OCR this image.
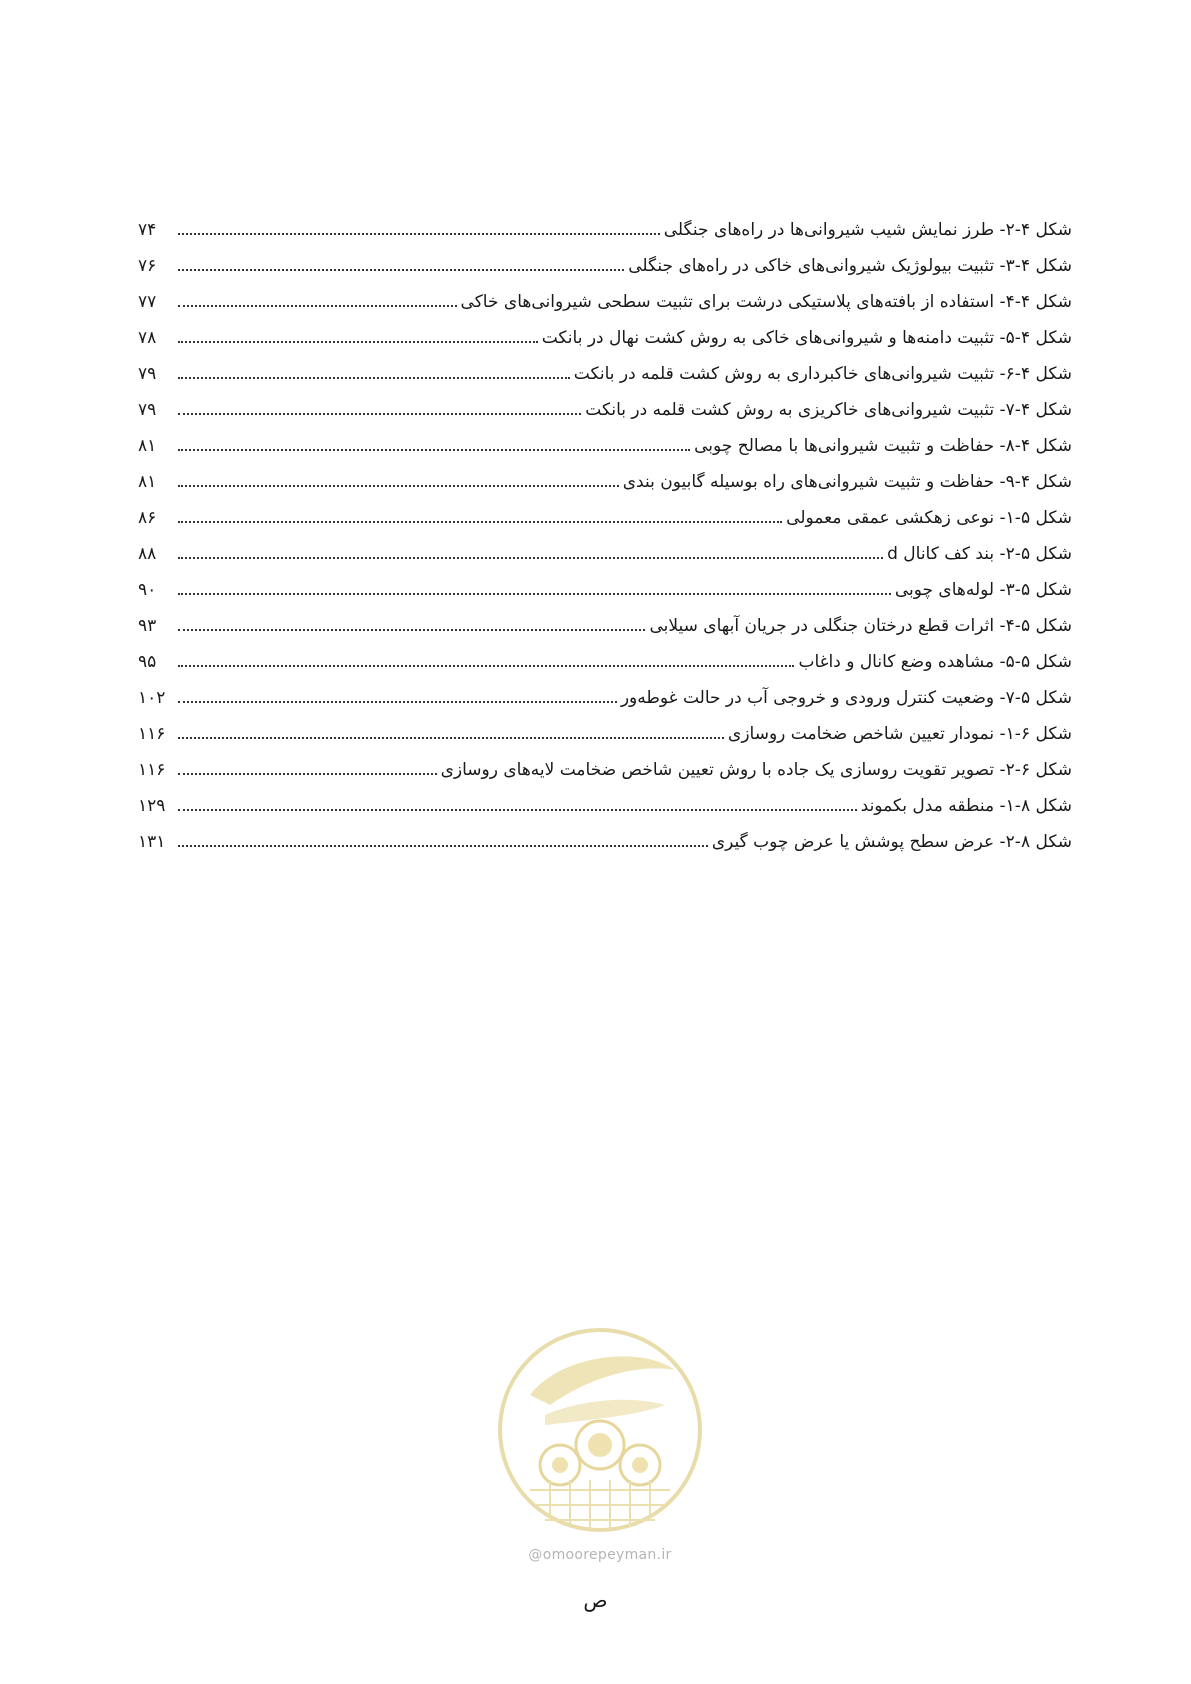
شکل ۴-۲- طرز نمایش شیب شیروانی‌ها در راه‌های جنگلی
۷۴
شکل ۴-۳- تثبیت بیولوژیک شیروانی‌های خاکی در راه‌های جنگلی
۷۶
شکل ۴-۴- استفاده از بافته‌های پلاستیکی درشت برای تثبیت سطحی شیروانی‌های خاکی
۷۷
شکل ۴-۵- تثبیت دامنه‌ها و شیروانی‌های خاکی به روش کشت نهال در بانکت
۷۸
شکل ۴-۶- تثبیت شیروانی‌های خاکبرداری به روش کشت قلمه در بانکت
۷۹
شکل ۴-۷- تثبیت شیروانی‌های خاکریزی به روش کشت قلمه در بانکت
۷۹
شکل ۴-۸- حفاظت و تثبیت شیروانی‌ها با مصالح چوبی
۸۱
شکل ۴-۹- حفاظت و تثبیت شیروانی‌های راه بوسیله گابیون بندی
۸۱
شکل ۵-۱- نوعی زهکشی عمقی معمولی
۸۶
شکل ۵-۲- بند کف کانال d
۸۸
شکل ۵-۳- لوله‌های چوبی
۹۰
شکل ۵-۴- اثرات قطع درختان جنگلی در جریان آبهای سیلابی
۹۳
شکل ۵-۵- مشاهده وضع کانال و داغاب
۹۵
شکل ۵-۷- وضعیت کنترل ورودی و خروجی آب در حالت غوطه‌ور
۱۰۲
شکل ۶-۱- نمودار تعیین شاخص ضخامت روسازی
۱۱۶
شکل ۶-۲- تصویر تقویت روسازی یک جاده با روش تعیین شاخص ضخامت لایه‌های روسازی
۱۱۶
شکل ۸-۱- منطقه مدل بکموند
۱۲۹
شکل ۸-۲- عرض سطح پوشش یا عرض چوب گیری
۱۳۱
@omoorepeyman.ir
ص
